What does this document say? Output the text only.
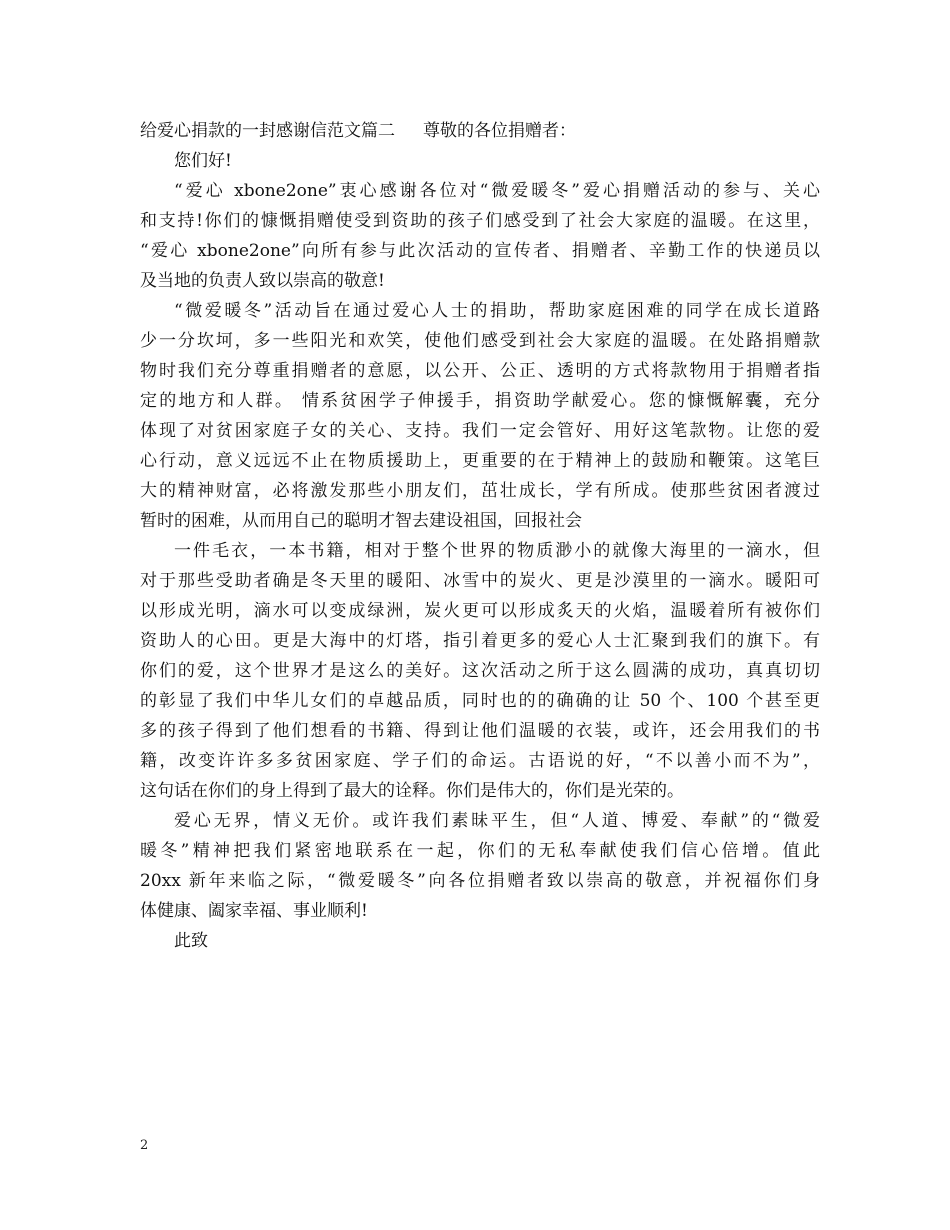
给爱心捐款的一封感谢信范文篇二 尊敬的各位捐赠者：
您们好!
“爱心 xbone2one”衷心感谢各位对“微爱暖冬”爱心捐赠活动的参与、关心
和支持!你们的慷慨捐赠使受到资助的孩子们感受到了社会大家庭的温暖。在这里，
“爱心 xbone2one”向所有参与此次活动的宣传者、捐赠者、辛勤工作的快递员以
及当地的负责人致以崇高的敬意!
“微爱暖冬”活动旨在通过爱心人士的捐助，帮助家庭困难的同学在成长道路
少一分坎坷，多一些阳光和欢笑，使他们感受到社会大家庭的温暖。在处路捐赠款
物时我们充分尊重捐赠者的意愿，以公开、公正、透明的方式将款物用于捐赠者指
定的地方和人群。 情系贫困学子伸援手，捐资助学献爱心。您的慷慨解囊，充分
体现了对贫困家庭子女的关心、支持。我们一定会管好、用好这笔款物。让您的爱
心行动，意义远远不止在物质援助上，更重要的在于精神上的鼓励和鞭策。这笔巨
大的精神财富，必将激发那些小朋友们，茁壮成长，学有所成。使那些贫困者渡过
暂时的困难，从而用自己的聪明才智去建设祖国，回报社会
一件毛衣，一本书籍，相对于整个世界的物质渺小的就像大海里的一滴水，但
对于那些受助者确是冬天里的暖阳、冰雪中的炭火、更是沙漠里的一滴水。暖阳可
以形成光明，滴水可以变成绿洲，炭火更可以形成炙天的火焰，温暖着所有被你们
资助人的心田。更是大海中的灯塔，指引着更多的爱心人士汇聚到我们的旗下。有
你们的爱，这个世界才是这么的美好。这次活动之所于这么圆满的成功，真真切切
的彰显了我们中华儿女们的卓越品质，同时也的的确确的让 50 个、100 个甚至更
多的孩子得到了他们想看的书籍、得到让他们温暖的衣装，或许，还会用我们的书
籍，改变许许多多贫困家庭、学子们的命运。古语说的好，“不以善小而不为”，
这句话在你们的身上得到了最大的诠释。你们是伟大的，你们是光荣的。
爱心无界，情义无价。或许我们素昧平生，但“人道、博爱、奉献”的“微爱
暖冬”精神把我们紧密地联系在一起，你们的无私奉献使我们信心倍增。值此
20xx 新年来临之际，“微爱暖冬”向各位捐赠者致以崇高的敬意，并祝福你们身
体健康、阖家幸福、事业顺利!
此致
2
